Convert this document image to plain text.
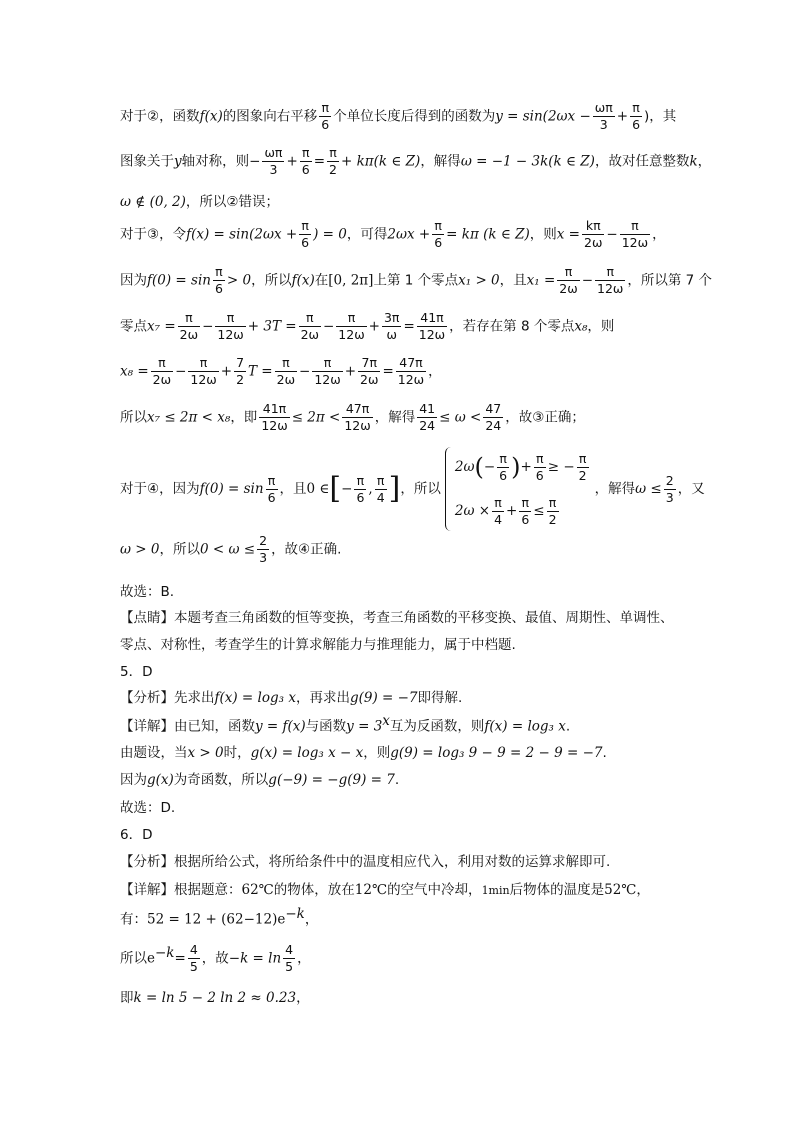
对于②，函数f(x)的图象向右平移 $\frac{\pi}{6}$ 个单位长度后得到的函数为$y = \sin(2\omega x - \frac{\omega\pi}{3} + \frac{\pi}{6}$ )，其
图象关于y轴对称，则− $\frac{\omega\pi}{3} + \frac{\pi}{6} = \frac{\pi}{2} + k\pi(k$ ∈ Z)，解得ω = −1 − 3k(k ∈ Z)，故对任意整数k，
ω ∉ (0, 2)，所以②错误；
对于③，令$f(x) = \sin(2\omega x + \frac{\pi}{6}$ ) = 0，可得$2\omega x + \frac{\pi}{6} = k\pi$ (k ∈ Z)，则$x = \frac{k\pi}{2\omega} - \frac{\pi}{12\omega}$ ，
因为$f(0) = \sin \frac{\pi}{6} > 0$，所以f(x)在[0, 2π]上第 1 个零点x₁ > 0，且$x_1 = \frac{\pi}{2\omega} - \frac{\pi}{12\omega}$ ，所以第 7 个
零点$x_7 = \frac{\pi}{2\omega} - \frac{\pi}{12\omega} + 3T = \frac{\pi}{2\omega} - \frac{\pi}{12\omega} + \frac{3\pi}{\omega} = \frac{41\pi}{12\omega}$ ，若存在第 8 个零点x₈，则
$x_8 = \frac{\pi}{2\omega} - \frac{\pi}{12\omega} + \frac{7}{2}$ $T = \frac{\pi}{2\omega} - \frac{\pi}{12\omega} + \frac{7\pi}{2\omega} = \frac{47\pi}{12\omega}$ ，
所以x₇ ≤ 2π < x₈，即 $\frac{41\pi}{12\omega} \le 2\pi < \frac{47\pi}{12\omega}$ ，解得 $\frac{41}{24} \le \omega < \frac{47}{24}$ ，故③正确；
对于④，因为$f(0) = \sin \frac{\pi}{6}$ ，且0 ∈[− $\frac{\pi}{6}$ , $\frac{\pi}{4}$ ]，所以
$2\omega(- \frac{\pi}{6}$ )+ $\frac{\pi}{6}$ ≥ − $\frac{\pi}{2}$
$2\omega \times \frac{\pi}{4} + \frac{\pi}{6} \le \frac{\pi}{2}$
，解得$\omega \le \frac{2}{3}$ ，又
ω > 0，所以$0 < \omega \le \frac{2}{3}$ ，故④正确.
故选：B.
【点睛】本题考查三角函数的恒等变换，考查三角函数的平移变换、最值、周期性、单调性、
零点、对称性，考查学生的计算求解能力与推理能力，属于中档题.
5．D
【分析】先求出f(x) = log₃ x，再求出g(9) = −7即得解.
【详解】由已知，函数y = f(x)与函数$y = 3^x$互为反函数，则f(x) = log₃ x.
由题设，当x > 0时，g(x) = log₃ x − x，则g(9) = log₃ 9 − 9 = 2 − 9 = −7.
因为g(x)为奇函数，所以g(−9) = −g(9) = 7.
故选：D.
6．D
【分析】根据所给公式，将所给条件中的温度相应代入，利用对数的运算求解即可.
【详解】根据题意：62℃的物体，放在12℃的空气中冷却，1min后物体的温度是52℃，
有：$52 = 12 + (62-12)e^{-k}$，
所以$e^{-k}= \frac{4}{5}$ ，故$-k = \ln \frac{4}{5}$ ，
即k = ln 5 − 2 ln 2 ≈ 0.23，
